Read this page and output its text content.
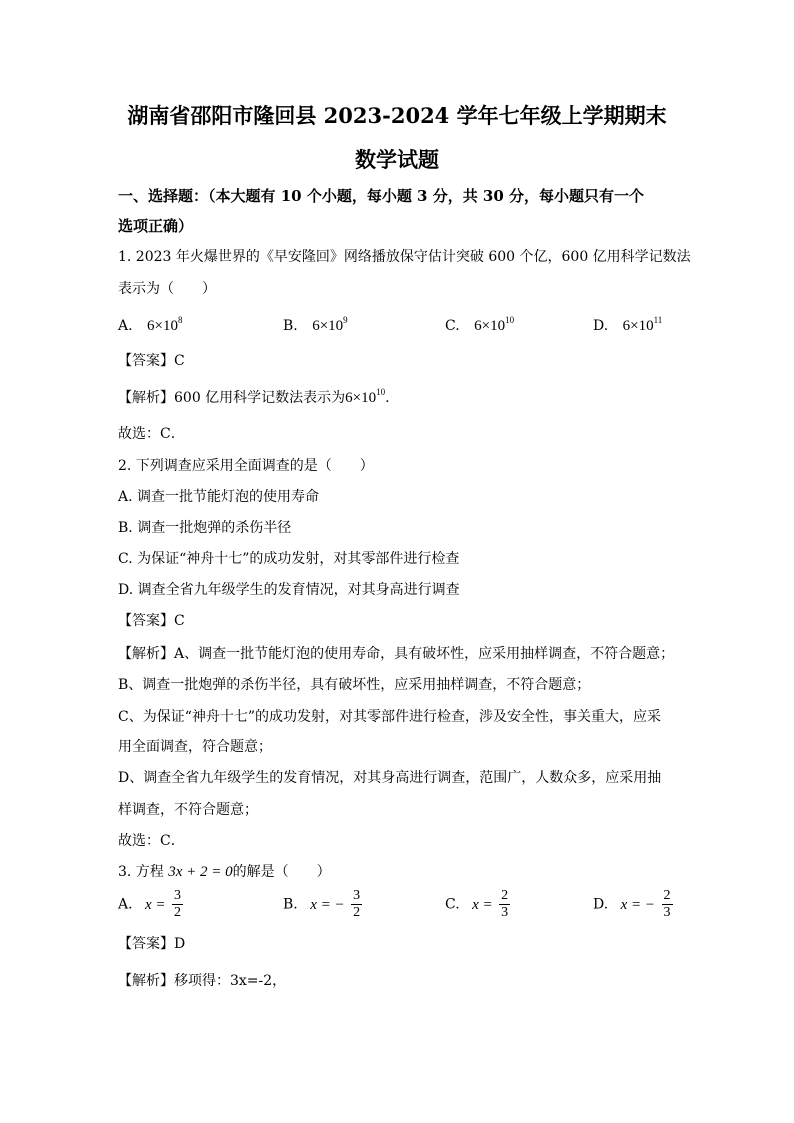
湖南省邵阳市隆回县 2023-2024 学年七年级上学期期末
数学试题
一、选择题：（本大题有 10 个小题，每小题 3 分，共 30 分，每小题只有一个
选项正确）
1. 2023 年火爆世界的《早安隆回》网络播放保守估计突破 600 个亿，600 亿用科学记数法
表示为（　　）
A. $6\times 10^8$	B. $6\times 10^9$	C. $6\times 10^{10}$	D. $6\times 10^{11}$
【答案】C
【解析】600 亿用科学记数法表示为$6\times 10^{10}$.
故选：C．
2. 下列调查应采用全面调查的是（　　）
A. 调查一批节能灯泡的使用寿命
B. 调查一批炮弹的杀伤半径
C. 为保证“神舟十七”的成功发射，对其零部件进行检查
D. 调查全省九年级学生的发育情况，对其身高进行调查
【答案】C
【解析】A、调查一批节能灯泡的使用寿命，具有破坏性，应采用抽样调查，不符合题意；
B、调查一批炮弹的杀伤半径，具有破坏性，应采用抽样调查，不符合题意；
C、为保证“神舟十七”的成功发射，对其零部件进行检查，涉及安全性，事关重大，应采
用全面调查，符合题意；
D、调查全省九年级学生的发育情况，对其身高进行调查，范围广，人数众多，应采用抽
样调查，不符合题意；
故选：C．
3. 方程 3x + 2 = 0的解是（　　）
A. $x = \frac{3}{2}$	B. x = − $\frac{3}{2}$	C. $x = \frac{2}{3}$	D. x = − $\frac{2}{3}$
【答案】D
【解析】移项得：3x=-2，
